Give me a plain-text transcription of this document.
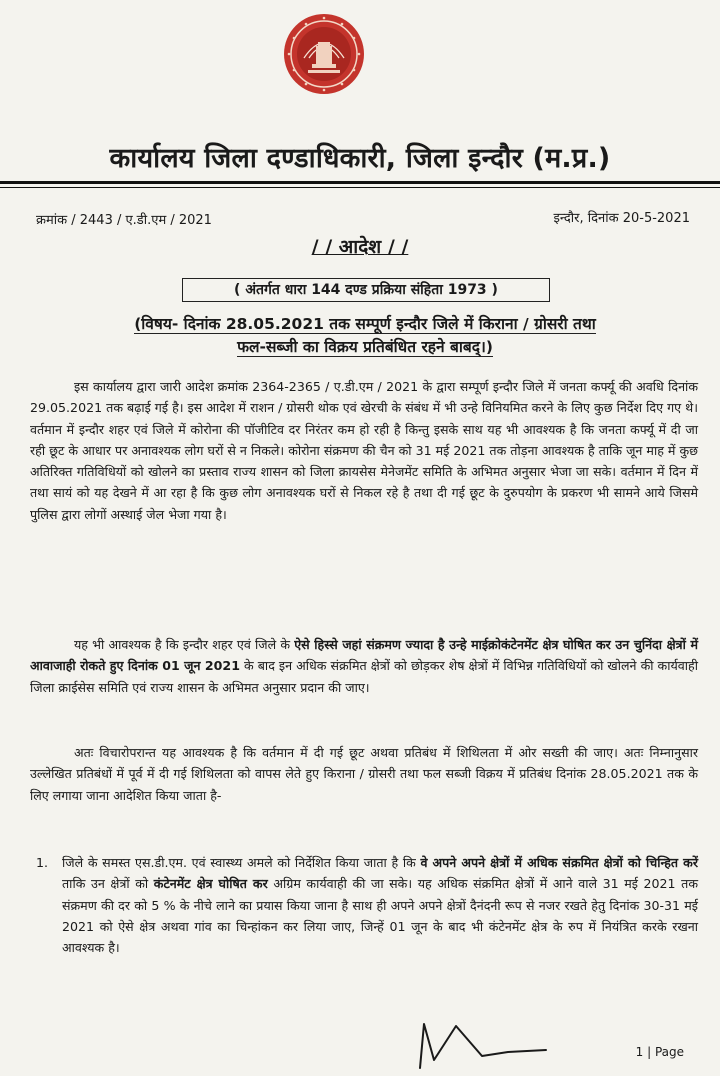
कार्यालय जिला दण्डाधिकारी, जिला इन्दौर (म.प्र.)
क्रमांक / 2443 / ए.डी.एम / 2021	इन्दौर, दिनांक 20-5-2021
/ / आदेश / /
( अंतर्गत धारा 144 दण्ड प्रक्रिया संहिता 1973 )
(विषय- दिनांक 28.05.2021 तक सम्पूर्ण इन्दौर जिले में किराना / ग्रोसरी तथा
फल-सब्जी का विक्रय प्रतिबंधित रहने बाबद्।)
इस कार्यालय द्वारा जारी आदेश क्रमांक 2364-2365 / ए.डी.एम / 2021 के द्वारा सम्पूर्ण इन्दौर जिले में जनता कर्फ्यू की अवधि दिनांक 29.05.2021 तक बढ़ाई गई है। इस आदेश में राशन / ग्रोसरी थोक एवं खेरची के संबंध में भी उन्हे विनियमित करने के लिए कुछ निर्देश दिए गए थे। वर्तमान में इन्दौर शहर एवं जिले में कोरोना की पॉजीटिव दर निरंतर कम हो रही है किन्तु इसके साथ यह भी आवश्यक है कि जनता कर्फ्यू में दी जा रही छूट के आधार पर अनावश्यक लोग घरों से न निकले। कोरोना संक्रमण की चैन को 31 मई 2021 तक तोड़ना आवश्यक है ताकि जून माह में कुछ अतिरिक्त गतिविधियों को खोलने का प्रस्ताव राज्य शासन को जिला क्रायसेस मेनेजमेंट समिति के अभिमत अनुसार भेजा जा सके। वर्तमान में दिन में तथा सायं को यह देखने में आ रहा है कि कुछ लोग अनावश्यक घरों से निकल रहे है तथा दी गई छूट के दुरुपयोग के प्रकरण भी सामने आये जिसमे पुलिस द्वारा लोगों अस्थाई जेल भेजा गया है।
यह भी आवश्यक है कि इन्दौर शहर एवं जिले के ऐसे हिस्से जहां संक्रमण ज्यादा है उन्हे माईक्रोकंटेनमेंट क्षेत्र घोषित कर उन चुनिंदा क्षेत्रों में आवाजाही रोकते हुए दिनांक 01 जून 2021 के बाद इन अधिक संक्रमित क्षेत्रों को छोड़कर शेष क्षेत्रों में विभिन्न गतिविधियों को खोलने की कार्यवाही जिला क्राईसेस समिति एवं राज्य शासन के अभिमत अनुसार प्रदान की जाए।
अतः विचारोपरान्त यह आवश्यक है कि वर्तमान में दी गई छूट अथवा प्रतिबंध में शिथिलता में ओर सख्ती की जाए। अतः निम्नानुसार उल्लेखित प्रतिबंधों में पूर्व में दी गई शिथिलता को वापस लेते हुए किराना / ग्रोसरी तथा फल सब्जी विक्रय में प्रतिबंध दिनांक 28.05.2021 तक के लिए लगाया जाना आदेशित किया जाता है-
1.	जिले के समस्त एस.डी.एम. एवं स्वास्थ्य अमले को निर्देशित किया जाता है कि वे अपने अपने क्षेत्रों में अधिक संक्रमित क्षेत्रों को चिन्हित करें ताकि उन क्षेत्रों को कंटेनमेंट क्षेत्र घोषित कर अग्रिम कार्यवाही की जा सके। यह अधिक संक्रमित क्षेत्रों में आने वाले 31 मई 2021 तक संक्रमण की दर को 5 % के नीचे लाने का प्रयास किया जाना है साथ ही अपने अपने क्षेत्रों दैनंदनी रूप से नजर रखते हेतु दिनांक 30-31 मई 2021 को ऐसे क्षेत्र अथवा गांव का चिन्हांकन कर लिया जाए, जिन्हें 01 जून के बाद भी कंटेनमेंट क्षेत्र के रुप में नियंत्रित करके रखना आवश्यक है।
1 | Page
